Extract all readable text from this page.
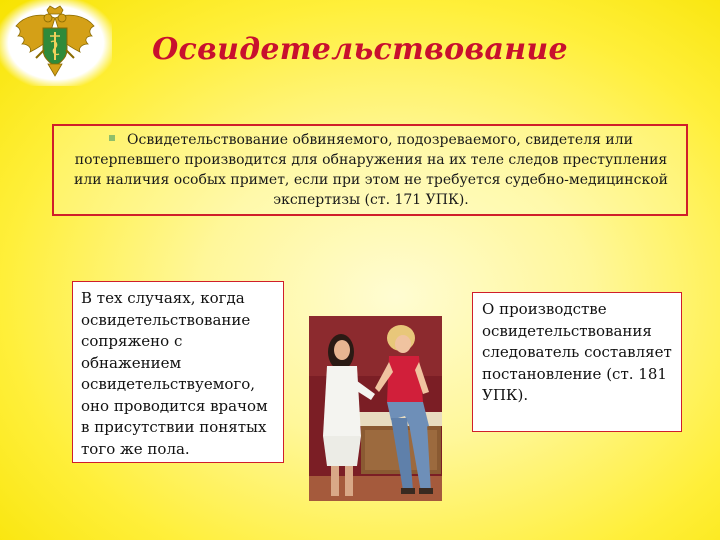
Освидетельствование
Освидетельствование обвиняемого, подозреваемого, свидетеля или потерпевшего производится для обнаружения на их теле следов преступления или наличия особых примет, если при этом не требуется судебно-медицинской экспертизы (ст. 171 УПК).
В тех случаях, когда освидетельствование сопряжено с обнажением освидетельствуемого, оно проводится врачом в присутствии понятых того же пола.
О производстве освидетельствования следователь составляет постановление (ст. 181 УПК).
